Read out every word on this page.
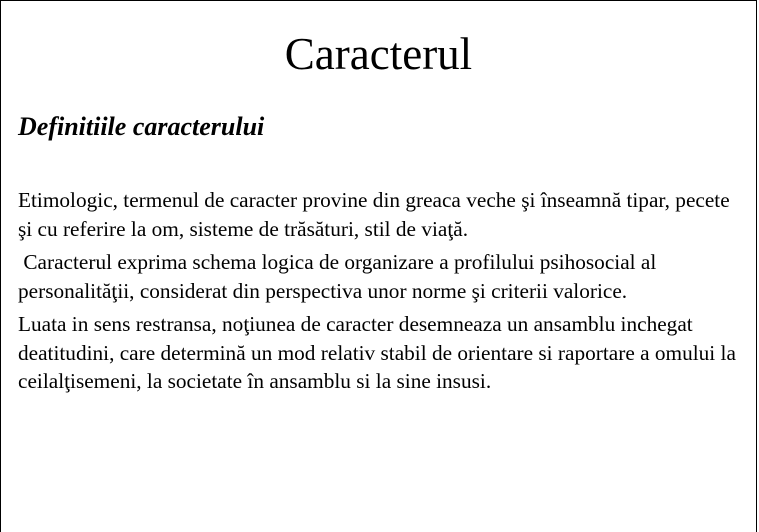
Caracterul
Definitiile caracterului

Etimologic, termenul de caracter provine din greaca veche şi înseamnă tipar, pecete şi cu referire la om, sisteme de trăsături, stil de viaţă.

Caracterul exprima schema logica de organizare a profilului psihosocial al personalităţii, considerat din perspectiva unor norme şi criterii valorice.

Luata in sens restransa, noţiunea de caracter desemneaza un ansamblu inchegat deatitudini, care determină un mod relativ stabil de orientare si raportare a omului la ceilalţisemeni, la societate în ansamblu si la sine insusi.
